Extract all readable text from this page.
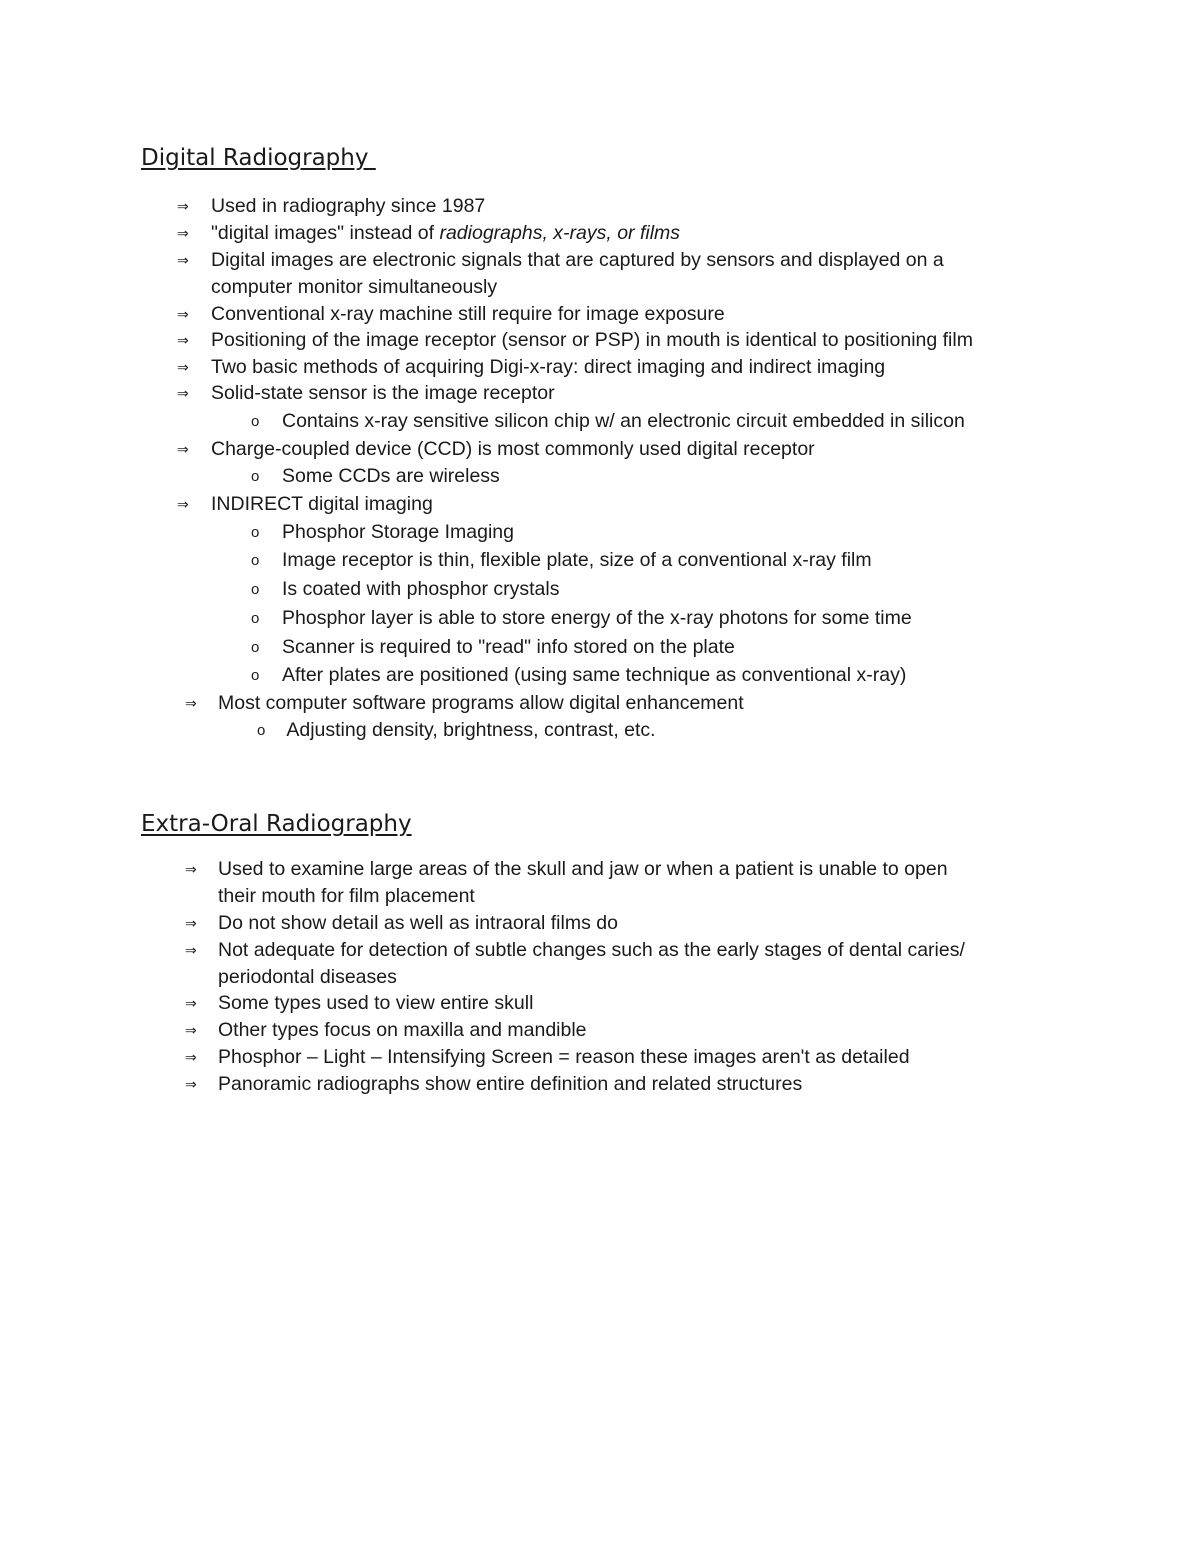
Digital Radiography
⇒ Used in radiography since 1987
⇒ "digital images" instead of radiographs, x-rays, or films
⇒ Digital images are electronic signals that are captured by sensors and displayed on a
computer monitor simultaneously
⇒ Conventional x-ray machine still require for image exposure
⇒ Positioning of the image receptor (sensor or PSP) in mouth is identical to positioning film
⇒ Two basic methods of acquiring Digi-x-ray: direct imaging and indirect imaging
⇒ Solid-state sensor is the image receptor
o Contains x-ray sensitive silicon chip w/ an electronic circuit embedded in silicon
⇒ Charge-coupled device (CCD) is most commonly used digital receptor
o Some CCDs are wireless
⇒ INDIRECT digital imaging
o Phosphor Storage Imaging
o Image receptor is thin, flexible plate, size of a conventional x-ray film
o Is coated with phosphor crystals
o Phosphor layer is able to store energy of the x-ray photons for some time
o Scanner is required to "read" info stored on the plate
o After plates are positioned (using same technique as conventional x-ray)
⇒ Most computer software programs allow digital enhancement
o Adjusting density, brightness, contrast, etc.
Extra-Oral Radiography
⇒ Used to examine large areas of the skull and jaw or when a patient is unable to open
their mouth for film placement
⇒ Do not show detail as well as intraoral films do
⇒ Not adequate for detection of subtle changes such as the early stages of dental caries/
periodontal diseases
⇒ Some types used to view entire skull
⇒ Other types focus on maxilla and mandible
⇒ Phosphor – Light – Intensifying Screen = reason these images aren't as detailed
⇒ Panoramic radiographs show entire definition and related structures
